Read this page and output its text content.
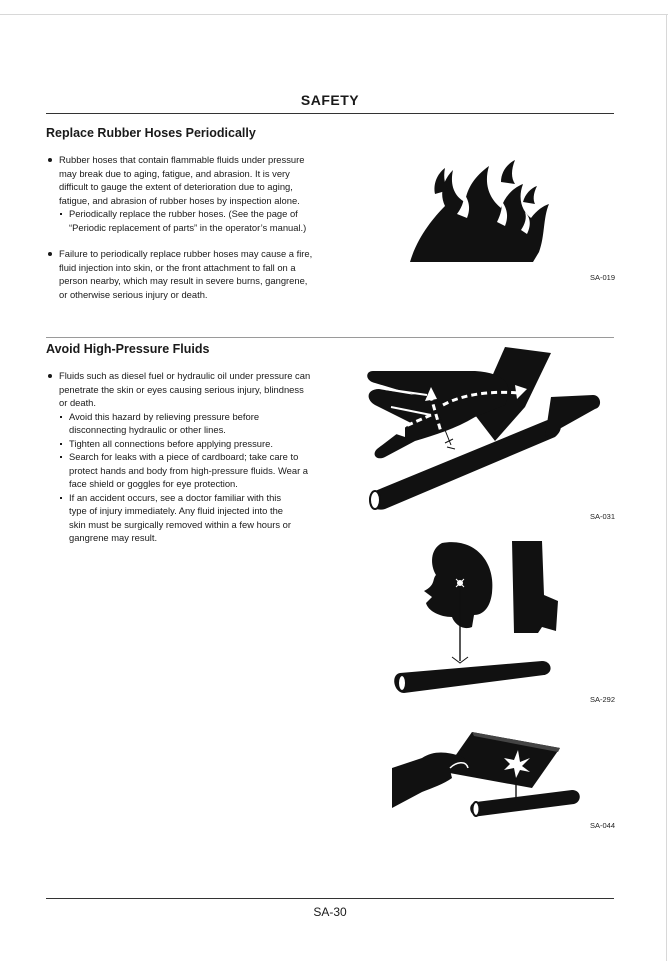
SAFETY
Replace Rubber Hoses Periodically

Rubber hoses that contain flammable fluids under pressure
may break due to aging, fatigue, and abrasion. It is very
difficult to gauge the extent of deterioration due to aging,
fatigue, and abrasion of rubber hoses by inspection alone.

Periodically replace the rubber hoses. (See the page of
“Periodic replacement of parts” in the operator’s manual.)

Failure to periodically replace rubber hoses may cause a fire,
fluid injection into skin, or the front attachment to fall on a
person nearby, which may result in severe burns, gangrene,
or otherwise serious injury or death.

SA-019
Avoid High-Pressure Fluids

Fluids such as diesel fuel or hydraulic oil under pressure can
penetrate the skin or eyes causing serious injury, blindness
or death.

Avoid this hazard by relieving pressure before
disconnecting hydraulic or other lines.

Tighten all connections before applying pressure.

Search for leaks with a piece of cardboard; take care to
protect hands and body from high-pressure fluids. Wear a
face shield or goggles for eye protection.

If an accident occurs, see a doctor familiar with this
type of injury immediately. Any fluid injected into the
skin must be surgically removed within a few hours or
gangrene may result.

SA-031
SA-292
SA-044
SA-30
